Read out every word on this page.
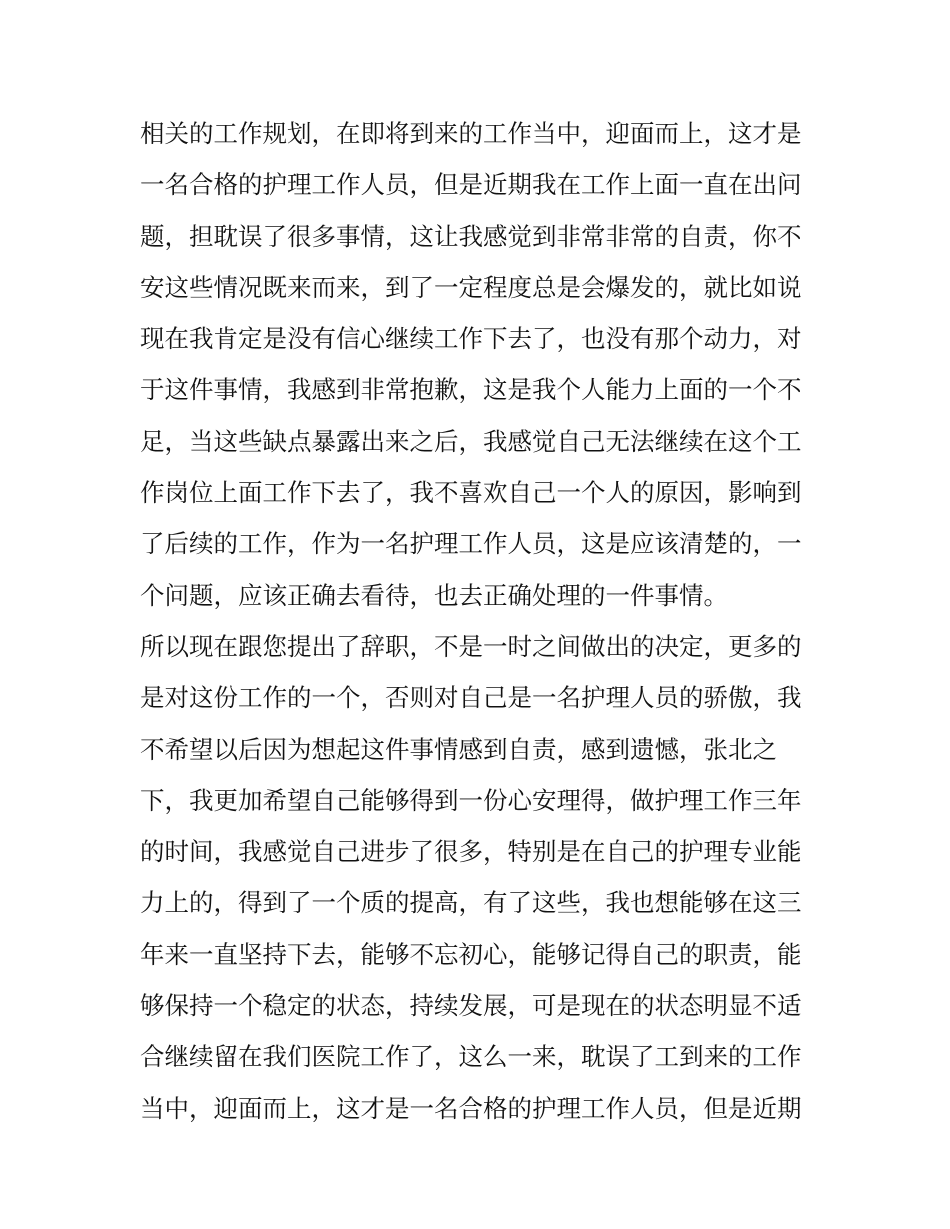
相关的工作规划，在即将到来的工作当中，迎面而上，这才是
一名合格的护理工作人员，但是近期我在工作上面一直在出问
题，担耽误了很多事情，这让我感觉到非常非常的自责，你不
安这些情况既来而来，到了一定程度总是会爆发的，就比如说
现在我肯定是没有信心继续工作下去了，也没有那个动力，对
于这件事情，我感到非常抱歉，这是我个人能力上面的一个不
足，当这些缺点暴露出来之后，我感觉自己无法继续在这个工
作岗位上面工作下去了，我不喜欢自己一个人的原因，影响到
了后续的工作，作为一名护理工作人员，这是应该清楚的，一
个问题，应该正确去看待，也去正确处理的一件事情。
所以现在跟您提出了辞职，不是一时之间做出的决定，更多的
是对这份工作的一个，否则对自己是一名护理人员的骄傲，我
不希望以后因为想起这件事情感到自责，感到遗憾，张北之
下，我更加希望自己能够得到一份心安理得，做护理工作三年
的时间，我感觉自己进步了很多，特别是在自己的护理专业能
力上的，得到了一个质的提高，有了这些，我也想能够在这三
年来一直坚持下去，能够不忘初心，能够记得自己的职责，能
够保持一个稳定的状态，持续发展，可是现在的状态明显不适
合继续留在我们医院工作了，这么一来，耽误了工到来的工作
当中，迎面而上，这才是一名合格的护理工作人员，但是近期
